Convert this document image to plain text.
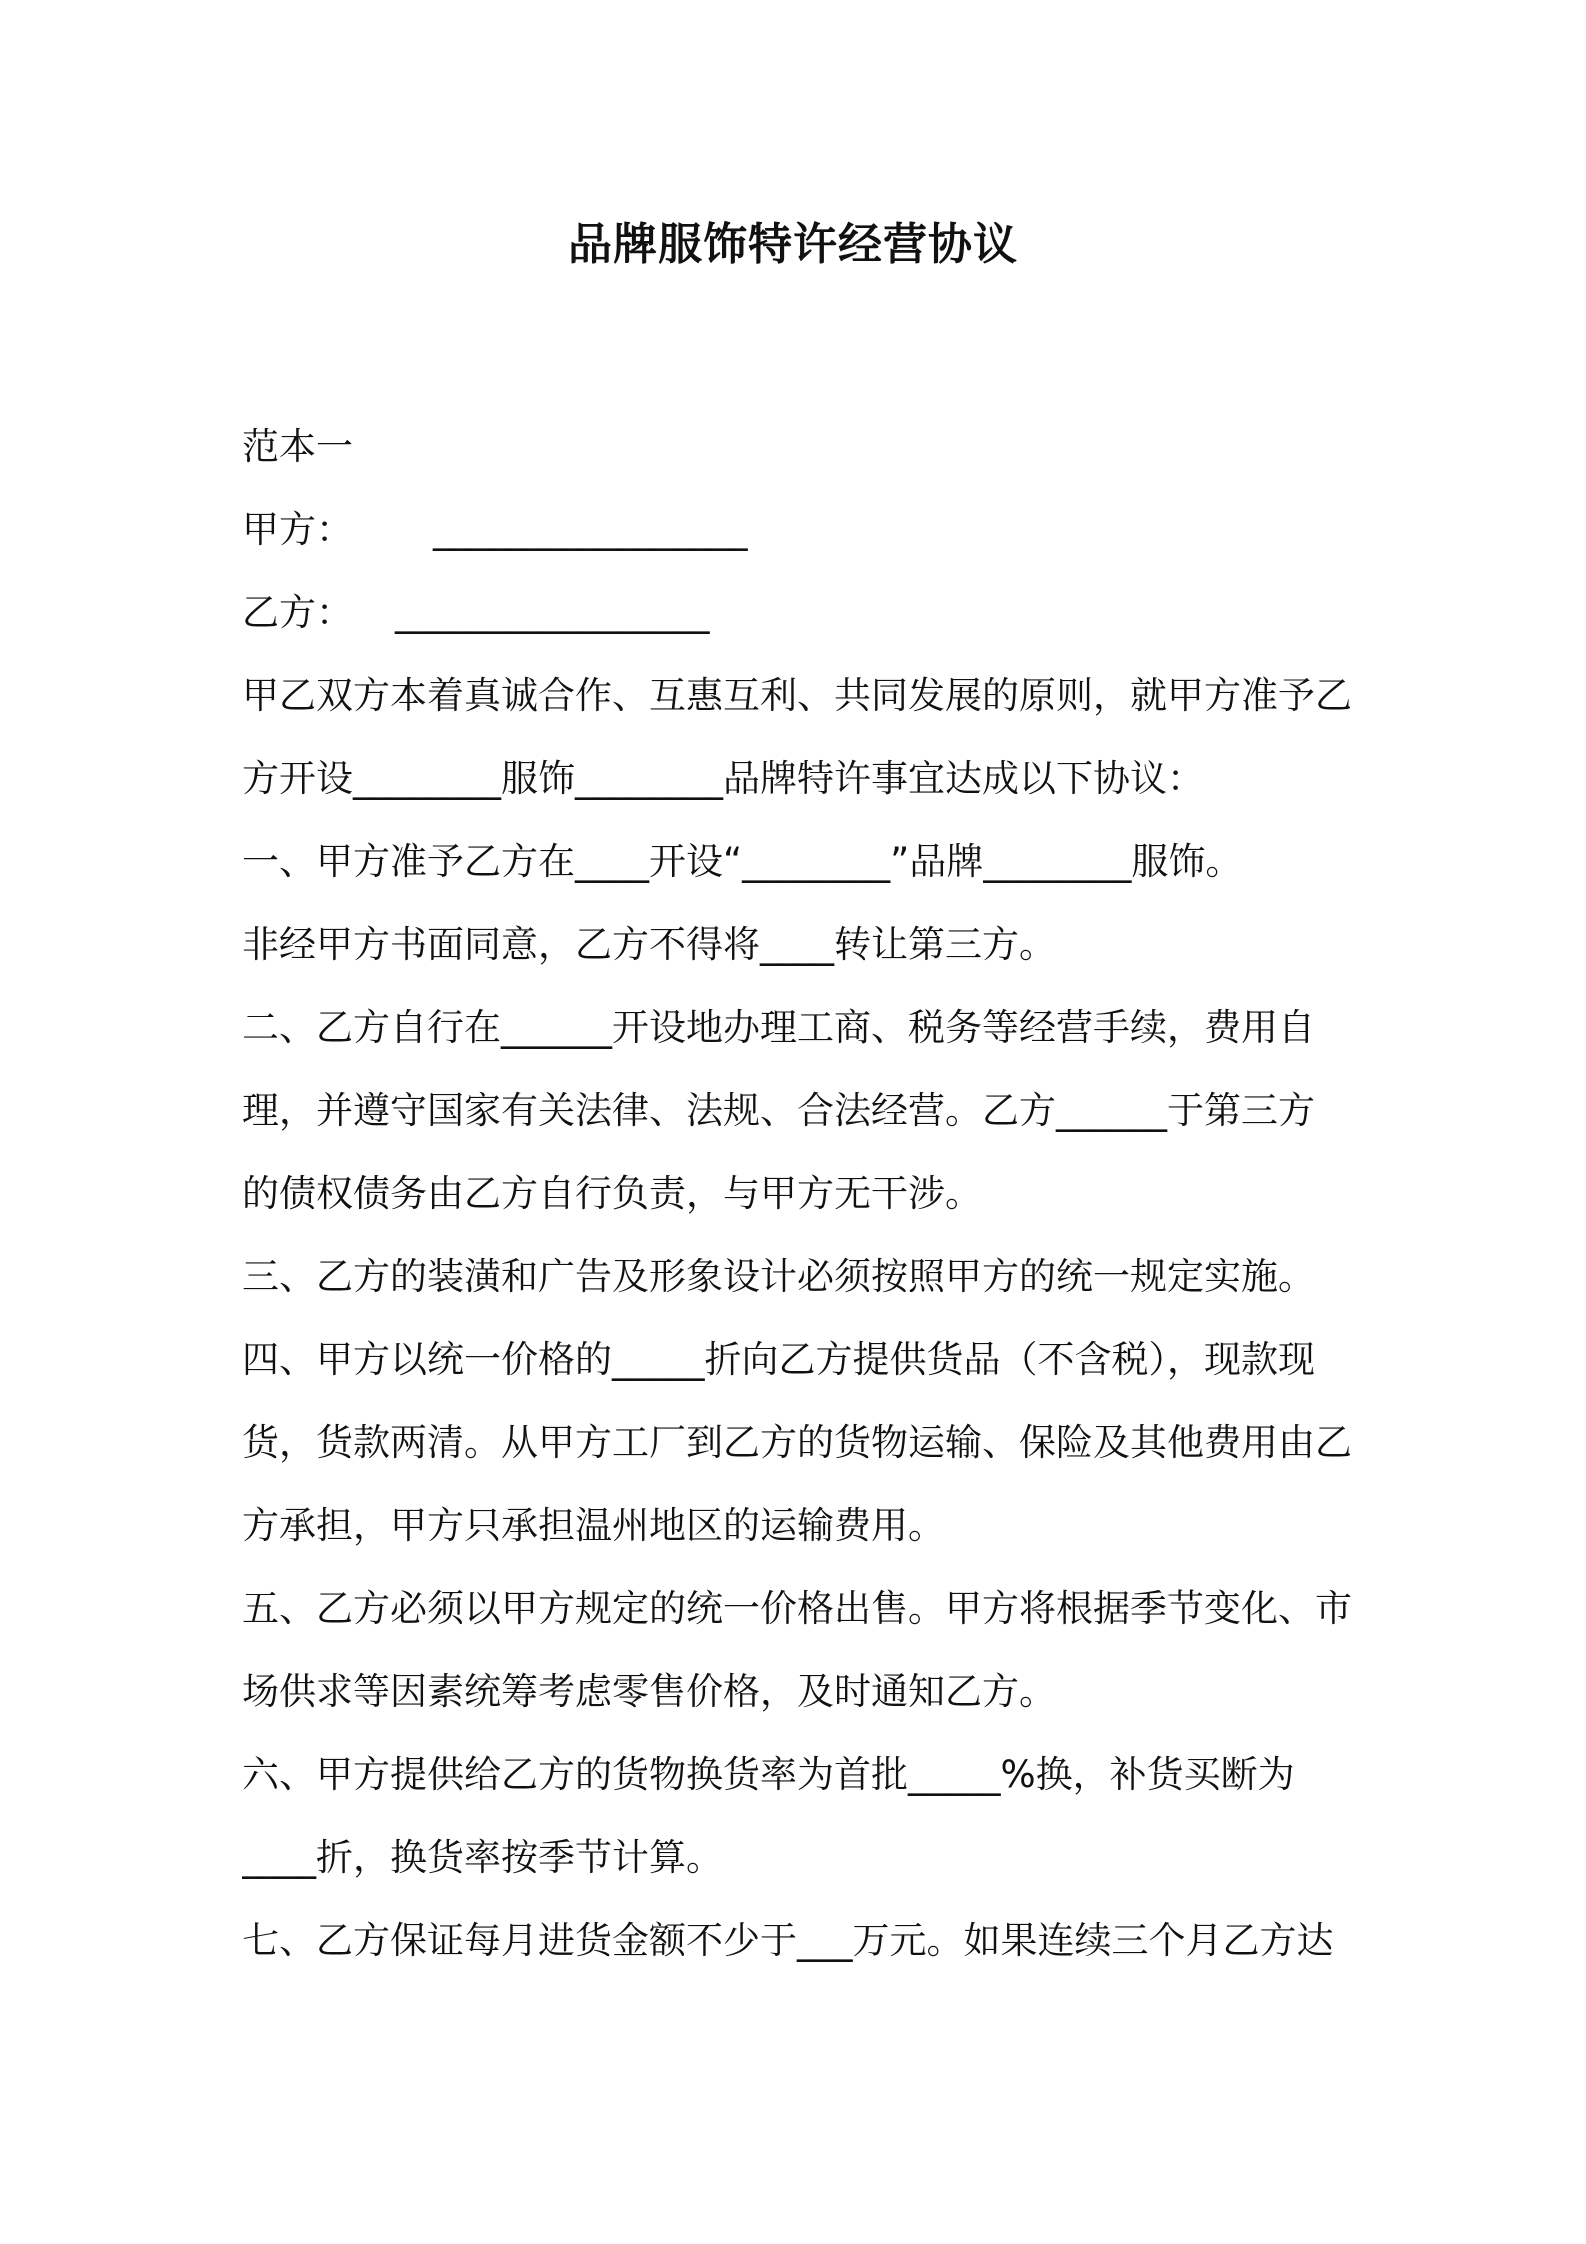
品牌服饰特许经营协议
范本一
甲方： _________________
乙方： _________________
甲乙双方本着真诚合作、互惠互利、共同发展的原则，就甲方准予乙
方开设________服饰________品牌特许事宜达成以下协议：
一、甲方准予乙方在____开设“________”品牌________服饰。
非经甲方书面同意，乙方不得将____转让第三方。
二、乙方自行在______开设地办理工商、税务等经营手续，费用自
理，并遵守国家有关法律、法规、合法经营。乙方______于第三方
的债权债务由乙方自行负责，与甲方无干涉。
三、乙方的装潢和广告及形象设计必须按照甲方的统一规定实施。
四、甲方以统一价格的_____折向乙方提供货品（不含税），现款现
货，货款两清。从甲方工厂到乙方的货物运输、保险及其他费用由乙
方承担，甲方只承担温州地区的运输费用。
五、乙方必须以甲方规定的统一价格出售。甲方将根据季节变化、市
场供求等因素统筹考虑零售价格，及时通知乙方。
六、甲方提供给乙方的货物换货率为首批_____%换，补货买断为
____折，换货率按季节计算。
七、乙方保证每月进货金额不少于___万元。如果连续三个月乙方达
